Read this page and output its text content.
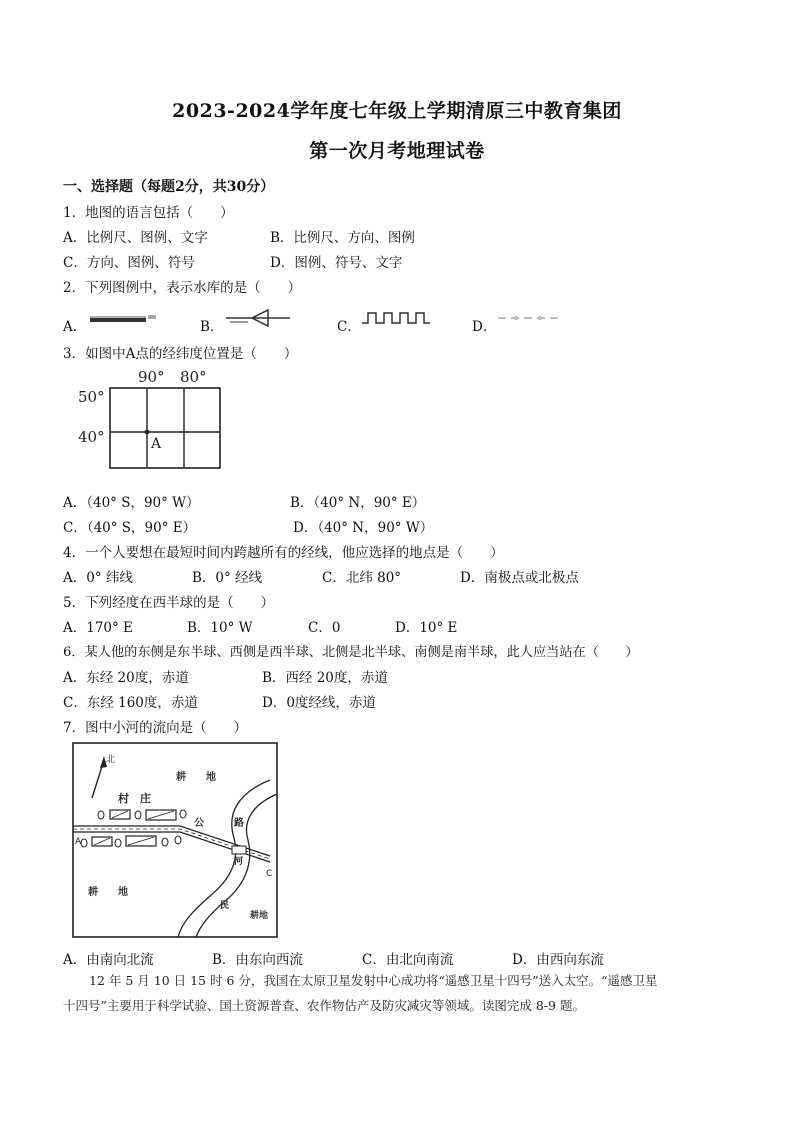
2023-2024学年度七年级上学期清原三中教育集团
第一次月考地理试卷
一、选择题（每题2分，共30分）
1．地图的语言包括（　　）
A．比例尺、图例、文字	B．比例尺、方向、图例
C．方向、图例、符号	D．图例、符号、文字
2．下列图例中，表示水库的是（　　）
A．	B．	C．	D．
3．如图中A点的经纬度位置是（　　）
90° 80°
50°
40°	A
A．（40° S，90° W）	B．（40° N，90° E）
C．（40° S，90° E）	D．（40° N，90° W）
4．一个人要想在最短时间内跨越所有的经线，他应选择的地点是（　　）
A．0° 纬线	B．0° 经线	C．北纬 80°	D．南极点或北极点
5．下列经度在西半球的是（　　）
A．170° E	B．10° W	C．0	D．10° E
6．某人他的东侧是东半球、西侧是西半球、北侧是北半球、南侧是南半球，此人应当站在（　　）
A．东经 20度，赤道	B．西经 20度，赤道
C．东经 160度，赤道	D．0度经线，赤道
7．图中小河的流向是（　　）
北
村　庄
耕　　地
耕　　地
耕地
公　　　路
河
民
A
C
A．由南向北流	B．由东向西流	C．由北向南流	D．由西向东流
12 年 5 月 10 日 15 时 6 分，我国在太原卫星发射中心成功将“遥感卫星十四号”送入太空。“遥感卫星
十四号”主要用于科学试验、国土资源普查、农作物估产及防灾减灾等领域。读图完成 8-9 题。
